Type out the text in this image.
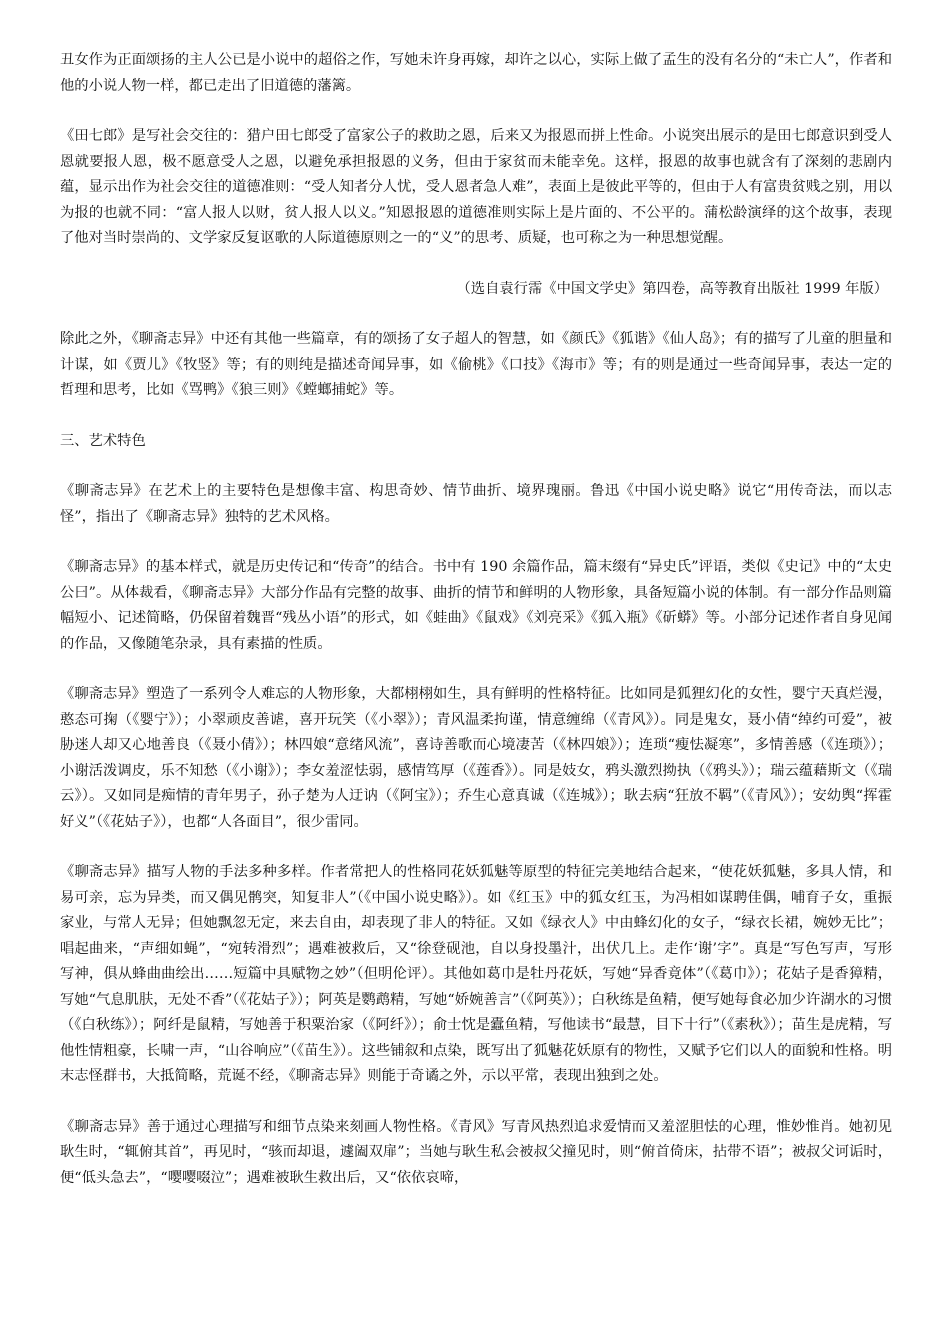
丑女作为正面颂扬的主人公已是小说中的超俗之作，写她未许身再嫁，却许之以心，实际上做了孟生的没有名分的“未亡人”，作者和他的小说人物一样，都已走出了旧道德的藩篱。

《田七郎》是写社会交往的：猎户田七郎受了富家公子的救助之恩，后来又为报恩而拼上性命。小说突出展示的是田七郎意识到受人恩就要报人恩，极不愿意受人之恩，以避免承担报恩的义务，但由于家贫而未能幸免。这样，报恩的故事也就含有了深刻的悲剧内蕴，显示出作为社会交往的道德准则：“受人知者分人忧，受人恩者急人难”，表面上是彼此平等的，但由于人有富贵贫贱之别，用以为报的也就不同：“富人报人以财，贫人报人以义。”知恩报恩的道德准则实际上是片面的、不公平的。蒲松龄演绎的这个故事，表现了他对当时崇尚的、文学家反复讴歌的人际道德原则之一的“义”的思考、质疑，也可称之为一种思想觉醒。

（选自袁行霈《中国文学史》第四卷，高等教育出版社 1999 年版）

除此之外，《聊斋志异》中还有其他一些篇章，有的颂扬了女子超人的智慧，如《颜氏》《狐谐》《仙人岛》；有的描写了儿童的胆量和计谋，如《贾儿》《牧竖》等；有的则纯是描述奇闻异事，如《偷桃》《口技》《海市》等；有的则是通过一些奇闻异事，表达一定的哲理和思考，比如《骂鸭》《狼三则》《螳螂捕蛇》等。

三、艺术特色

《聊斋志异》在艺术上的主要特色是想像丰富、构思奇妙、情节曲折、境界瑰丽。鲁迅《中国小说史略》说它“用传奇法，而以志怪”，指出了《聊斋志异》独特的艺术风格。

《聊斋志异》的基本样式，就是历史传记和“传奇”的结合。书中有 190 余篇作品，篇末缀有“异史氏”评语，类似《史记》中的“太史公曰”。从体裁看，《聊斋志异》大部分作品有完整的故事、曲折的情节和鲜明的人物形象，具备短篇小说的体制。有一部分作品则篇幅短小、记述简略，仍保留着魏晋“残丛小语”的形式，如《蛙曲》《鼠戏》《刘亮采》《狐入瓶》《斫蟒》等。小部分记述作者自身见闻的作品，又像随笔杂录，具有素描的性质。

《聊斋志异》塑造了一系列令人难忘的人物形象，大都栩栩如生，具有鲜明的性格特征。比如同是狐狸幻化的女性，婴宁天真烂漫，憨态可掬（《婴宁》）；小翠顽皮善谑，喜开玩笑（《小翠》）；青风温柔拘谨，情意缠绵（《青风》）。同是鬼女，聂小倩“绰约可爱”，被胁迷人却又心地善良（《聂小倩》）；林四娘“意绪风流”，喜诗善歌而心境凄苦（《林四娘》）；连琐“瘦怯凝寒”，多情善感（《连琐》）；小谢活泼调皮，乐不知愁（《小谢》）；李女羞涩怯弱，感情笃厚（《莲香》）。同是妓女，鸦头激烈拗执（《鸦头》）；瑞云蕴藉斯文（《瑞云》）。又如同是痴情的青年男子，孙子楚为人迂讷（《阿宝》）；乔生心意真诚（《连城》）；耿去病“狂放不羁”（《青风》）；安幼舆“挥霍好义”（《花姑子》），也都“人各面目”，很少雷同。

《聊斋志异》描写人物的手法多种多样。作者常把人的性格同花妖狐魅等原型的特征完美地结合起来，“使花妖狐魅，多具人情，和易可亲，忘为异类，而又偶见鹘突，知复非人”（《中国小说史略》）。如《红玉》中的狐女红玉，为冯相如谋聘佳偶，哺育子女，重振家业，与常人无异；但她飘忽无定，来去自由，却表现了非人的特征。又如《绿衣人》中由蜂幻化的女子，“绿衣长裙，婉妙无比”；唱起曲来，“声细如蝇”，“宛转滑烈”；遇难被救后，又“徐登砚池，自以身投墨汁，出伏几上。走作‘谢’字”。真是“写色写声，写形写神，俱从蜂曲曲绘出……短篇中具赋物之妙”（但明伦评）。其他如葛巾是牡丹花妖，写她“异香竟体”（《葛巾》）；花姑子是香獐精，写她“气息肌肤，无处不香”（《花姑子》）；阿英是鹦鹉精，写她“娇婉善言”（《阿英》）；白秋练是鱼精，便写她每食必加少许湖水的习惯（《白秋练》）；阿纤是鼠精，写她善于积粟治家（《阿纤》）；俞士忱是蠹鱼精，写他读书“最慧，目下十行”（《素秋》）；苗生是虎精，写他性情粗豪，长啸一声，“山谷响应”（《苗生》）。这些铺叙和点染，既写出了狐魅花妖原有的物性，又赋予它们以人的面貌和性格。明末志怪群书，大抵简略，荒诞不经，《聊斋志异》则能于奇谲之外，示以平常，表现出独到之处。

《聊斋志异》善于通过心理描写和细节点染来刻画人物性格。《青风》写青风热烈追求爱情而又羞涩胆怯的心理，惟妙惟肖。她初见耿生时，“辄俯其首”，再见时，“骇而却退，遽阖双扉”；当她与耿生私会被叔父撞见时，则“俯首倚床，拈带不语”；被叔父诃诟时，便“低头急去”，“嘤嘤啜泣”；遇难被耿生救出后，又“依依哀啼，
